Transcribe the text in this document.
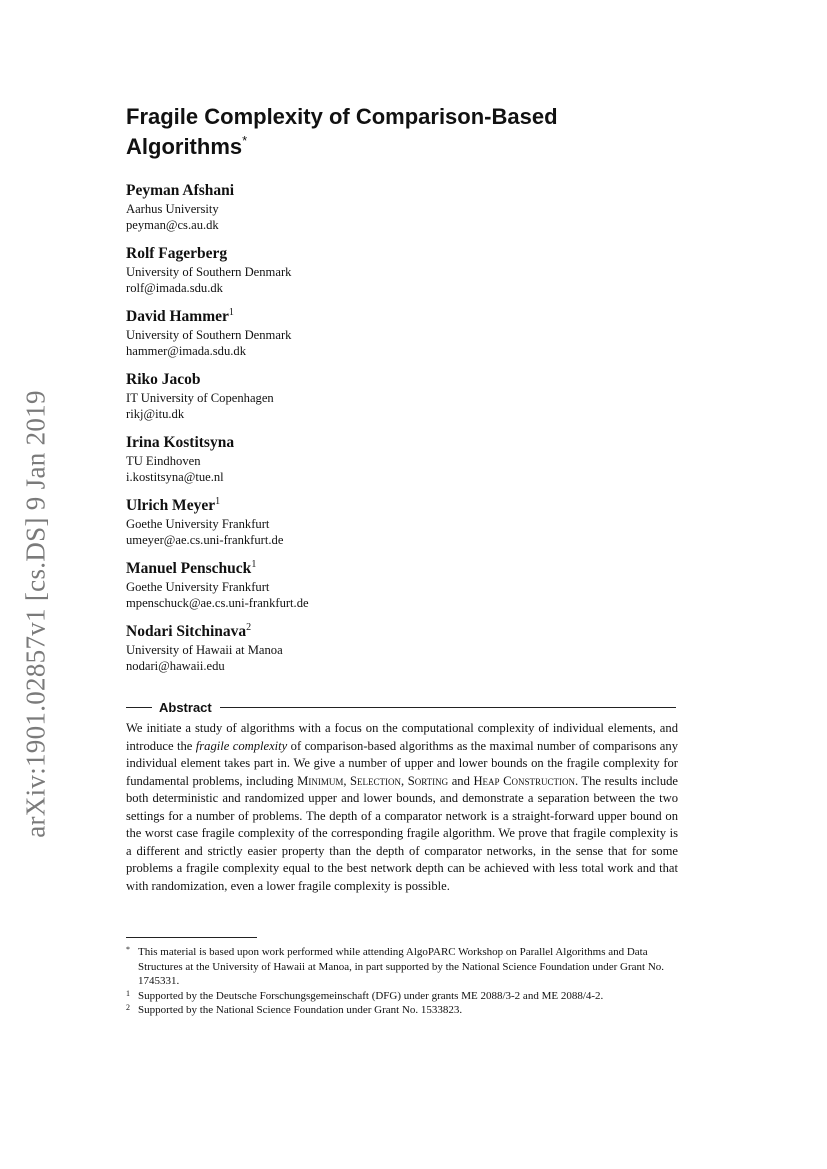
arXiv:1901.02857v1 [cs.DS] 9 Jan 2019
Fragile Complexity of Comparison-Based
Algorithms*
Peyman Afshani
Aarhus University
peyman@cs.au.dk
Rolf Fagerberg
University of Southern Denmark
rolf@imada.sdu.dk
David Hammer$^1$
University of Southern Denmark
hammer@imada.sdu.dk
Riko Jacob
IT University of Copenhagen
rikj@itu.dk
Irina Kostitsyna
TU Eindhoven
i.kostitsyna@tue.nl
Ulrich Meyer$^1$
Goethe University Frankfurt
umeyer@ae.cs.uni-frankfurt.de
Manuel Penschuck$^1$
Goethe University Frankfurt
mpenschuck@ae.cs.uni-frankfurt.de
Nodari Sitchinava$^2$
University of Hawaii at Manoa
nodari@hawaii.edu
Abstract
We initiate a study of algorithms with a focus on the computational complexity of individual elements, and introduce the fragile complexity of comparison-based algorithms as the maximal number of comparisons any individual element takes part in. We give a number of upper and lower bounds on the fragile complexity for fundamental problems, including Minimum, Selection, Sorting and Heap Construction. The results include both deterministic and randomized upper and lower bounds, and demonstrate a separation between the two settings for a number of problems. The depth of a comparator network is a straight-forward upper bound on the worst case fragile complexity of the corresponding fragile algorithm. We prove that fragile complexity is a different and strictly easier property than the depth of comparator networks, in the sense that for some problems a fragile complexity equal to the best network depth can be achieved with less total work and that with randomization, even a lower fragile complexity is possible.
* This material is based upon work performed while attending AlgoPARC Workshop on Parallel Algorithms and Data Structures at the University of Hawaii at Manoa, in part supported by the National Science Foundation under Grant No. 1745331.
1 Supported by the Deutsche Forschungsgemeinschaft (DFG) under grants ME 2088/3-2 and ME 2088/4-2.
2 Supported by the National Science Foundation under Grant No. 1533823.
